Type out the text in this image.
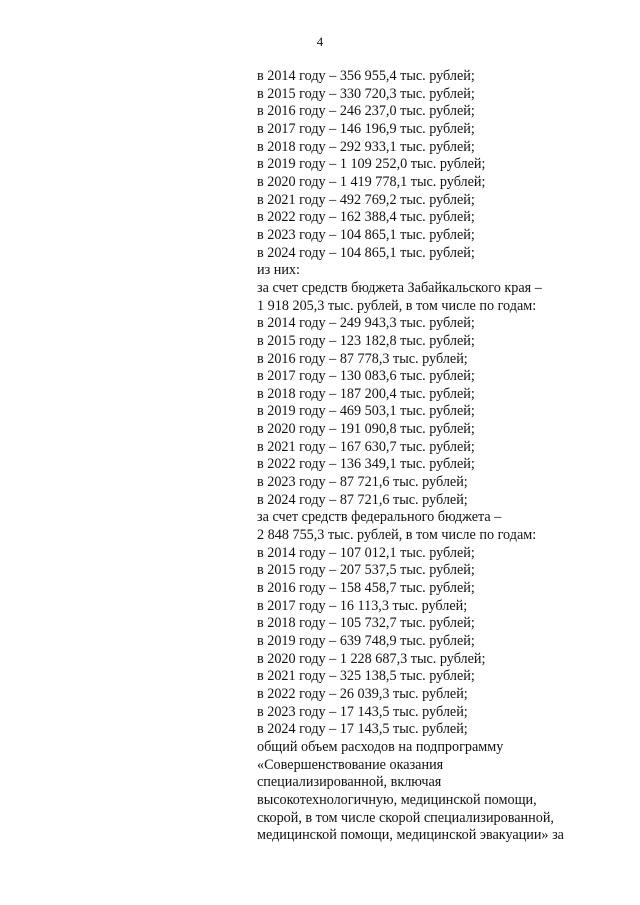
4
в 2014 году – 356 955,4 тыс. рублей;
в 2015 году – 330 720,3 тыс. рублей;
в 2016 году – 246 237,0 тыс. рублей;
в 2017 году – 146 196,9 тыс. рублей;
в 2018 году – 292 933,1 тыс. рублей;
в 2019 году – 1 109 252,0 тыс. рублей;
в 2020 году – 1 419 778,1 тыс. рублей;
в 2021 году – 492 769,2 тыс. рублей;
в 2022 году – 162 388,4 тыс. рублей;
в 2023 году – 104 865,1 тыс. рублей;
в 2024 году – 104 865,1 тыс. рублей;
из них:
за счет средств бюджета Забайкальского края –
1 918 205,3 тыс. рублей, в том числе по годам:
в 2014 году – 249 943,3 тыс. рублей;
в 2015 году – 123 182,8 тыс. рублей;
в 2016 году – 87 778,3 тыс. рублей;
в 2017 году – 130 083,6 тыс. рублей;
в 2018 году – 187 200,4 тыс. рублей;
в 2019 году – 469 503,1 тыс. рублей;
в 2020 году – 191 090,8 тыс. рублей;
в 2021 году – 167 630,7 тыс. рублей;
в 2022 году – 136 349,1 тыс. рублей;
в 2023 году – 87 721,6 тыс. рублей;
в 2024 году – 87 721,6 тыс. рублей;
за счет средств федерального бюджета –
2 848 755,3 тыс. рублей, в том числе по годам:
в 2014 году – 107 012,1 тыс. рублей;
в 2015 году – 207 537,5 тыс. рублей;
в 2016 году – 158 458,7 тыс. рублей;
в 2017 году – 16 113,3 тыс. рублей;
в 2018 году – 105 732,7 тыс. рублей;
в 2019 году – 639 748,9 тыс. рублей;
в 2020 году – 1 228 687,3 тыс. рублей;
в 2021 году – 325 138,5 тыс. рублей;
в 2022 году – 26 039,3 тыс. рублей;
в 2023 году – 17 143,5 тыс. рублей;
в 2024 году – 17 143,5 тыс. рублей;
общий объем расходов на подпрограмму
«Совершенствование оказания
специализированной, включая
высокотехнологичную, медицинской помощи,
скорой, в том числе скорой специализированной,
медицинской помощи, медицинской эвакуации» за
